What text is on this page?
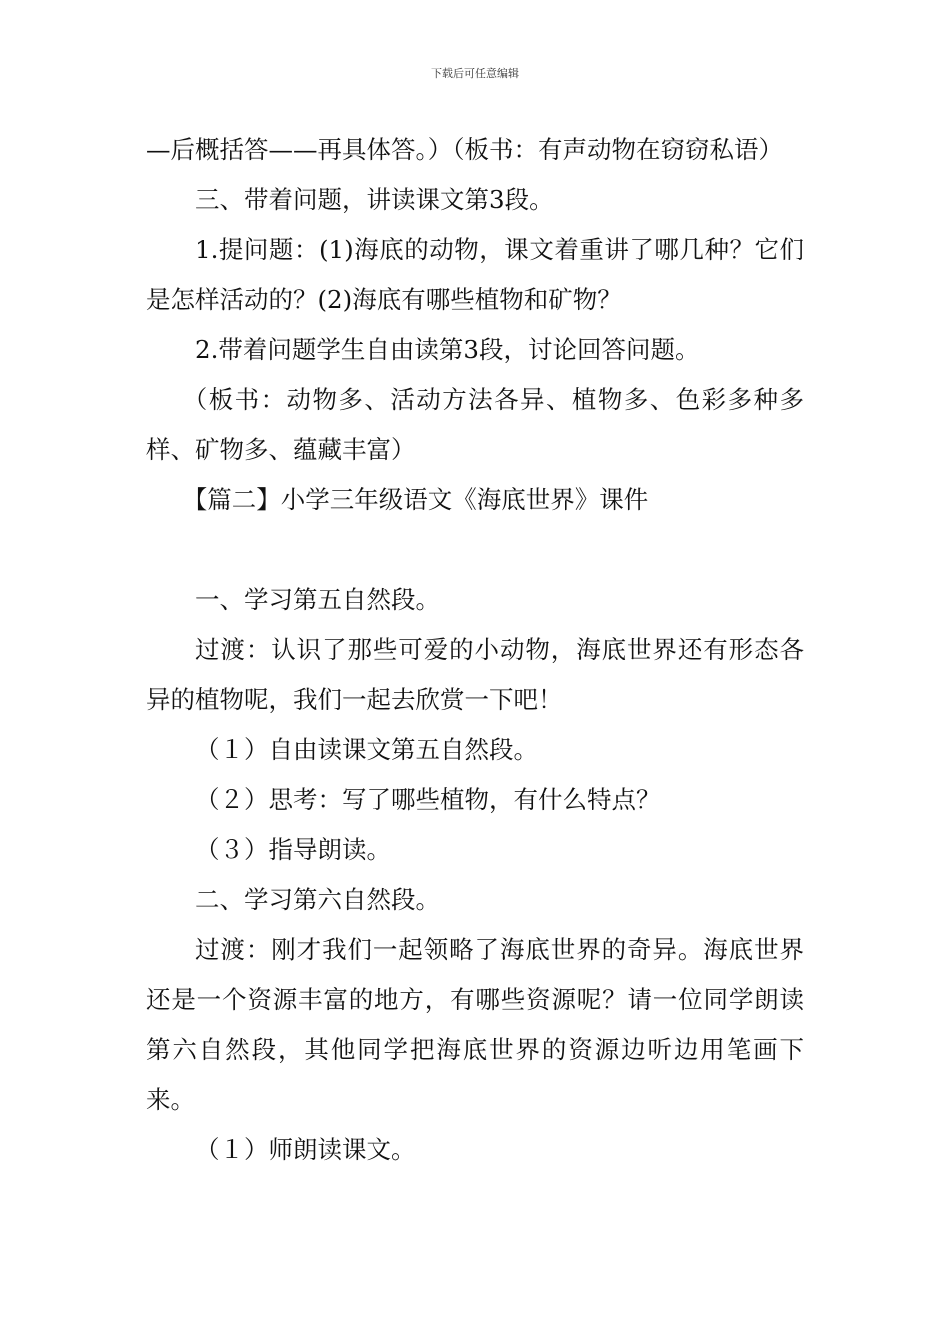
下载后可任意编辑

—后概括答——再具体答。）（板书：有声动物在窃窃私语）

三、带着问题，讲读课文第3段。

1.提问题：(1)海底的动物，课文着重讲了哪几种？它们是怎样活动的？(2)海底有哪些植物和矿物？

2.带着问题学生自由读第3段，讨论回答问题。

（板书：动物多、活动方法各异、植物多、色彩多种多样、矿物多、蕴藏丰富）

【篇二】小学三年级语文《海底世界》课件

一、学习第五自然段。

过渡：认识了那些可爱的小动物，海底世界还有形态各异的植物呢，我们一起去欣赏一下吧！

（１）自由读课文第五自然段。

（２）思考：写了哪些植物，有什么特点？

（３）指导朗读。

二、学习第六自然段。

过渡：刚才我们一起领略了海底世界的奇异。海底世界还是一个资源丰富的地方，有哪些资源呢？请一位同学朗读第六自然段，其他同学把海底世界的资源边听边用笔画下来。

（１）师朗读课文。
